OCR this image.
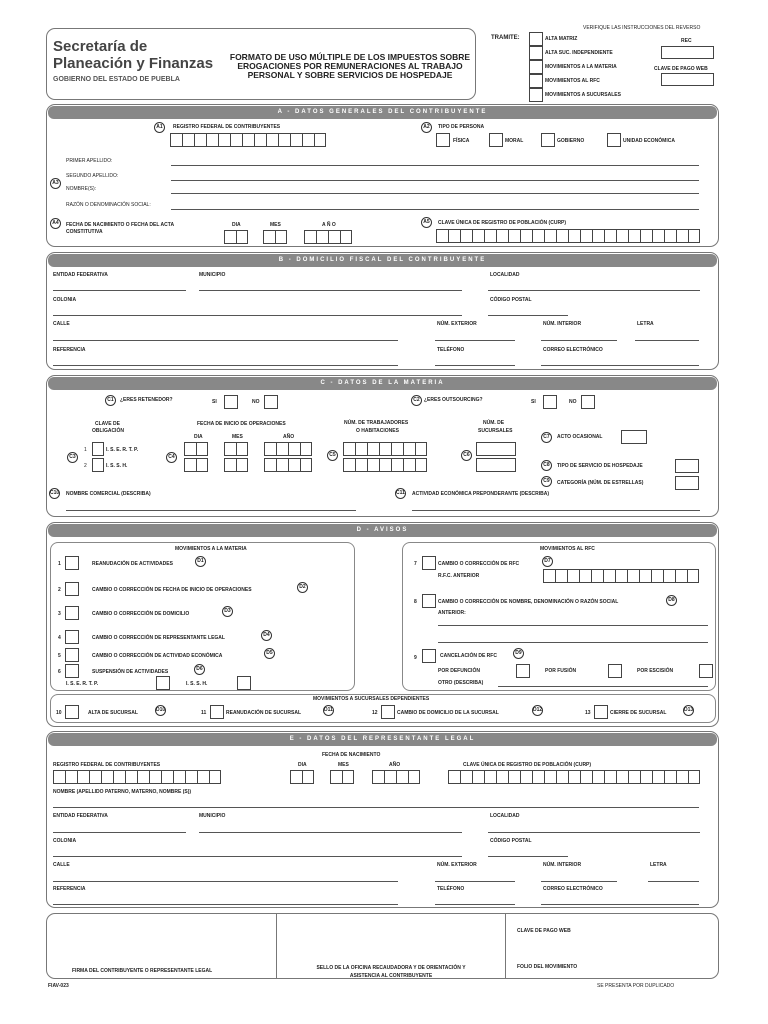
VERIFIQUE LAS INSTRUCCIONES DEL REVERSO
Secretaría de
Planeación y Finanzas
GOBIERNO DEL ESTADO DE PUEBLA
FORMATO DE USO MÚLTIPLE DE LOS IMPUESTOS SOBRE
EROGACIONES POR REMUNERACIONES AL TRABAJO
PERSONAL Y SOBRE SERVICIOS DE HOSPEDAJE
TRAMITE:	ALTA MATRIZ
ALTA SUC. INDEPENDIENTE
MOVIMIENTOS A LA MATERIA
MOVIMIENTOS AL RFC
MOVIMIENTOS A SUCURSALES
REC
CLAVE DE PAGO WEB
A - DATOS GENERALES DEL CONTRIBUYENTE
A1	REGISTRO FEDERAL DE CONTRIBUYENTES	A2	TIPO DE PERSONA
FÍSICA	MORAL	GOBIERNO	UNIDAD ECONÓMICA
PRIMER APELLIDO:
A3
SEGUNDO APELLIDO:
NOMBRE(S):
RAZÓN O DENOMINACIÓN SOCIAL:
A4	FECHA DE NACIMIENTO O FECHA DEL ACTA
CONSTITUTIVA
DIA	MES	A Ñ O	A5	CLAVE ÚNICA DE REGISTRO DE POBLACIÓN (CURP)
B - DOMICILIO FISCAL DEL CONTRIBUYENTE
ENTIDAD FEDERATIVA	MUNICIPIO	LOCALIDAD
COLONIA	CÓDIGO POSTAL
CALLE	NÚM. EXTERIOR	NÚM. INTERIOR	LETRA
REFERENCIA	TELÉFONO	CORREO ELECTRÓNICO
C - DATOS DE LA MATERIA
C1	¿ERES RETENEDOR?	SI	NO	C2 ¿ERES OUTSOURCING?	SI	NO
CLAVE DE
OBLIGACIÓN
FECHA DE INICIO DE OPERACIONES
DIA	MES	AÑO
NÚM. DE TRABAJADORES
O HABITACIONES
NÚM. DE
SUCURSALES
1	I. S. E. R. T. P.
2	I. S. S. H.
C3	C4	C5	C6
C7	ACTO OCASIONAL
C8	TIPO DE SERVICIO DE HOSPEDAJE
C9	CATEGORÍA (NÚM. DE ESTRELLAS)
C10 NOMBRE COMERCIAL (DESCRIBA)	C11 ACTIVIDAD ECONÓMICA PREPONDERANTE (DESCRIBA)
D - AVISOS
MOVIMIENTOS A LA MATERIA	MOVIMIENTOS AL RFC
1	REANUDACIÓN DE ACTIVIDADES	D1
2	CAMBIO O CORRECCIÓN DE FECHA DE INICIO DE OPERACIONES	D2
3	CAMBIO O CORRECCIÓN DE DOMICILIO	D3
4	CAMBIO O CORRECCIÓN DE REPRESENTANTE LEGAL	D4
5	CAMBIO O CORRECCIÓN DE ACTIVIDAD ECONÓMICA	D5
6	SUSPENSIÓN DE ACTIVIDADES	D6
I. S. E. R. T. P.	I. S. S. H.
7	CAMBIO O CORRECCIÓN DE RFC	D7
R.F.C. ANTERIOR
8	CAMBIO O CORRECCIÓN DE NOMBRE, DENOMINACIÓN O RAZÓN SOCIAL	D8
ANTERIOR:
9	CANCELACIÓN DE RFC	D9
POR DEFUNCIÓN	POR FUSIÓN	POR ESCISIÓN
OTRO (DESCRIBA)
MOVIMIENTOS A SUCURSALES DEPENDIENTES
10	ALTA DE SUCURSAL	D10	11	REANUDACIÓN DE SUCURSAL	D11	12	CAMBIO DE DOMICILIO DE LA SUCURSAL	D12	13	CIERRE DE SUCURSAL	D13
E - DATOS DEL REPRESENTANTE LEGAL
FECHA DE NACIMIENTO
REGISTRO FEDERAL DE CONTRIBUYENTES	DIA	MES	AÑO	CLAVE ÚNICA DE REGISTRO DE POBLACIÓN (CURP)
NOMBRE (APELLIDO PATERNO, MATERNO, NOMBRE (S))
ENTIDAD FEDERATIVA	MUNICIPIO	LOCALIDAD
COLONIA	CÓDIGO POSTAL
CALLE	NÚM. EXTERIOR	NÚM. INTERIOR	LETRA
REFERENCIA	TELÉFONO	CORREO ELECTRÓNICO
FIRMA DEL CONTRIBUYENTE O REPRESENTANTE LEGAL	SELLO DE LA OFICINA RECAUDADORA Y DE ORIENTACIÓN Y
ASISTENCIA AL CONTRIBUYENTE
CLAVE DE PAGO WEB
FOLIO DEL MOVIMIENTO
FIAV-023	SE PRESENTA POR DUPLICADO
